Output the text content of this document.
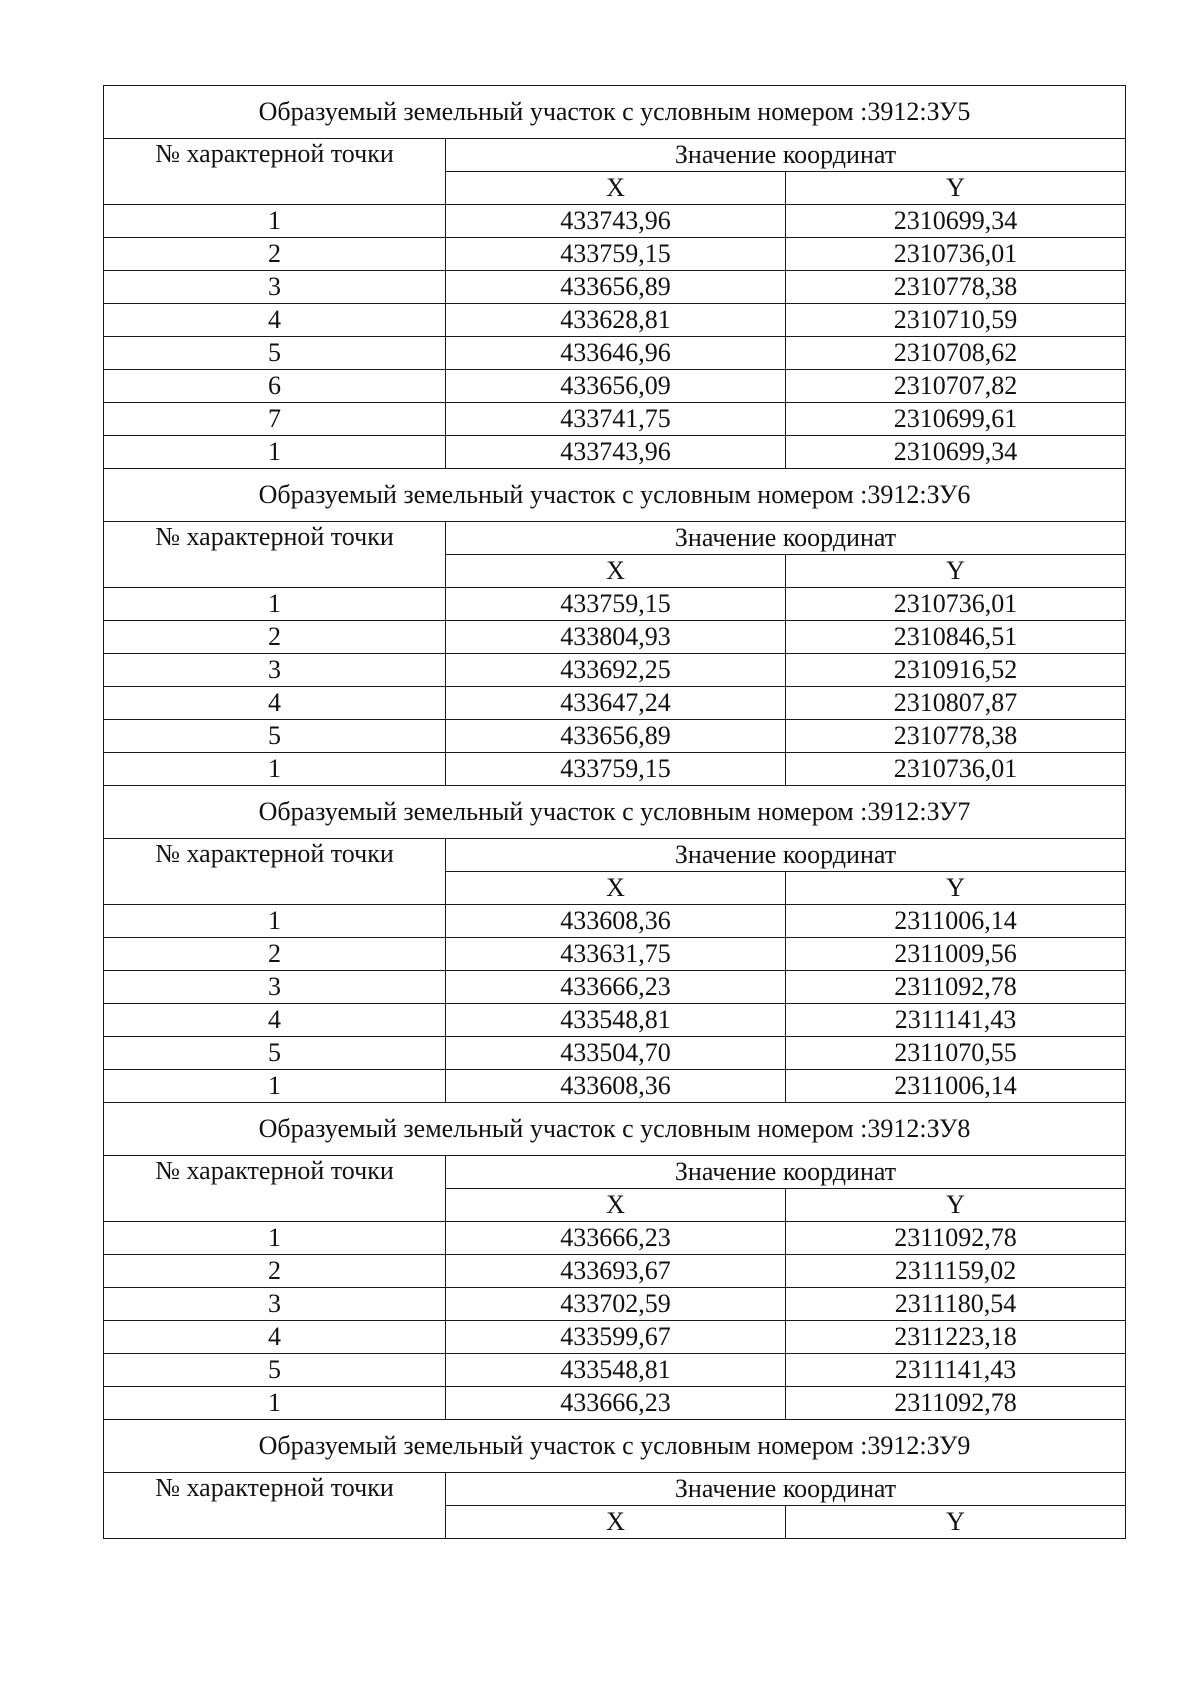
Образуемый земельный участок с условным номером :3912:ЗУ5		
№ характерной точки	Значение координат	
	X	Y
1	433743,96	2310699,34
2	433759,15	2310736,01
3	433656,89	2310778,38
4	433628,81	2310710,59
5	433646,96	2310708,62
6	433656,09	2310707,82
7	433741,75	2310699,61
1	433743,96	2310699,34
Образуемый земельный участок с условным номером :3912:ЗУ6		
№ характерной точки	Значение координат	
	X	Y
1	433759,15	2310736,01
2	433804,93	2310846,51
3	433692,25	2310916,52
4	433647,24	2310807,87
5	433656,89	2310778,38
1	433759,15	2310736,01
Образуемый земельный участок с условным номером :3912:ЗУ7		
№ характерной точки	Значение координат	
	X	Y
1	433608,36	2311006,14
2	433631,75	2311009,56
3	433666,23	2311092,78
4	433548,81	2311141,43
5	433504,70	2311070,55
1	433608,36	2311006,14
Образуемый земельный участок с условным номером :3912:ЗУ8		
№ характерной точки	Значение координат	
	X	Y
1	433666,23	2311092,78
2	433693,67	2311159,02
3	433702,59	2311180,54
4	433599,67	2311223,18
5	433548,81	2311141,43
1	433666,23	2311092,78
Образуемый земельный участок с условным номером :3912:ЗУ9		
№ характерной точки	Значение координат	
	X	Y
